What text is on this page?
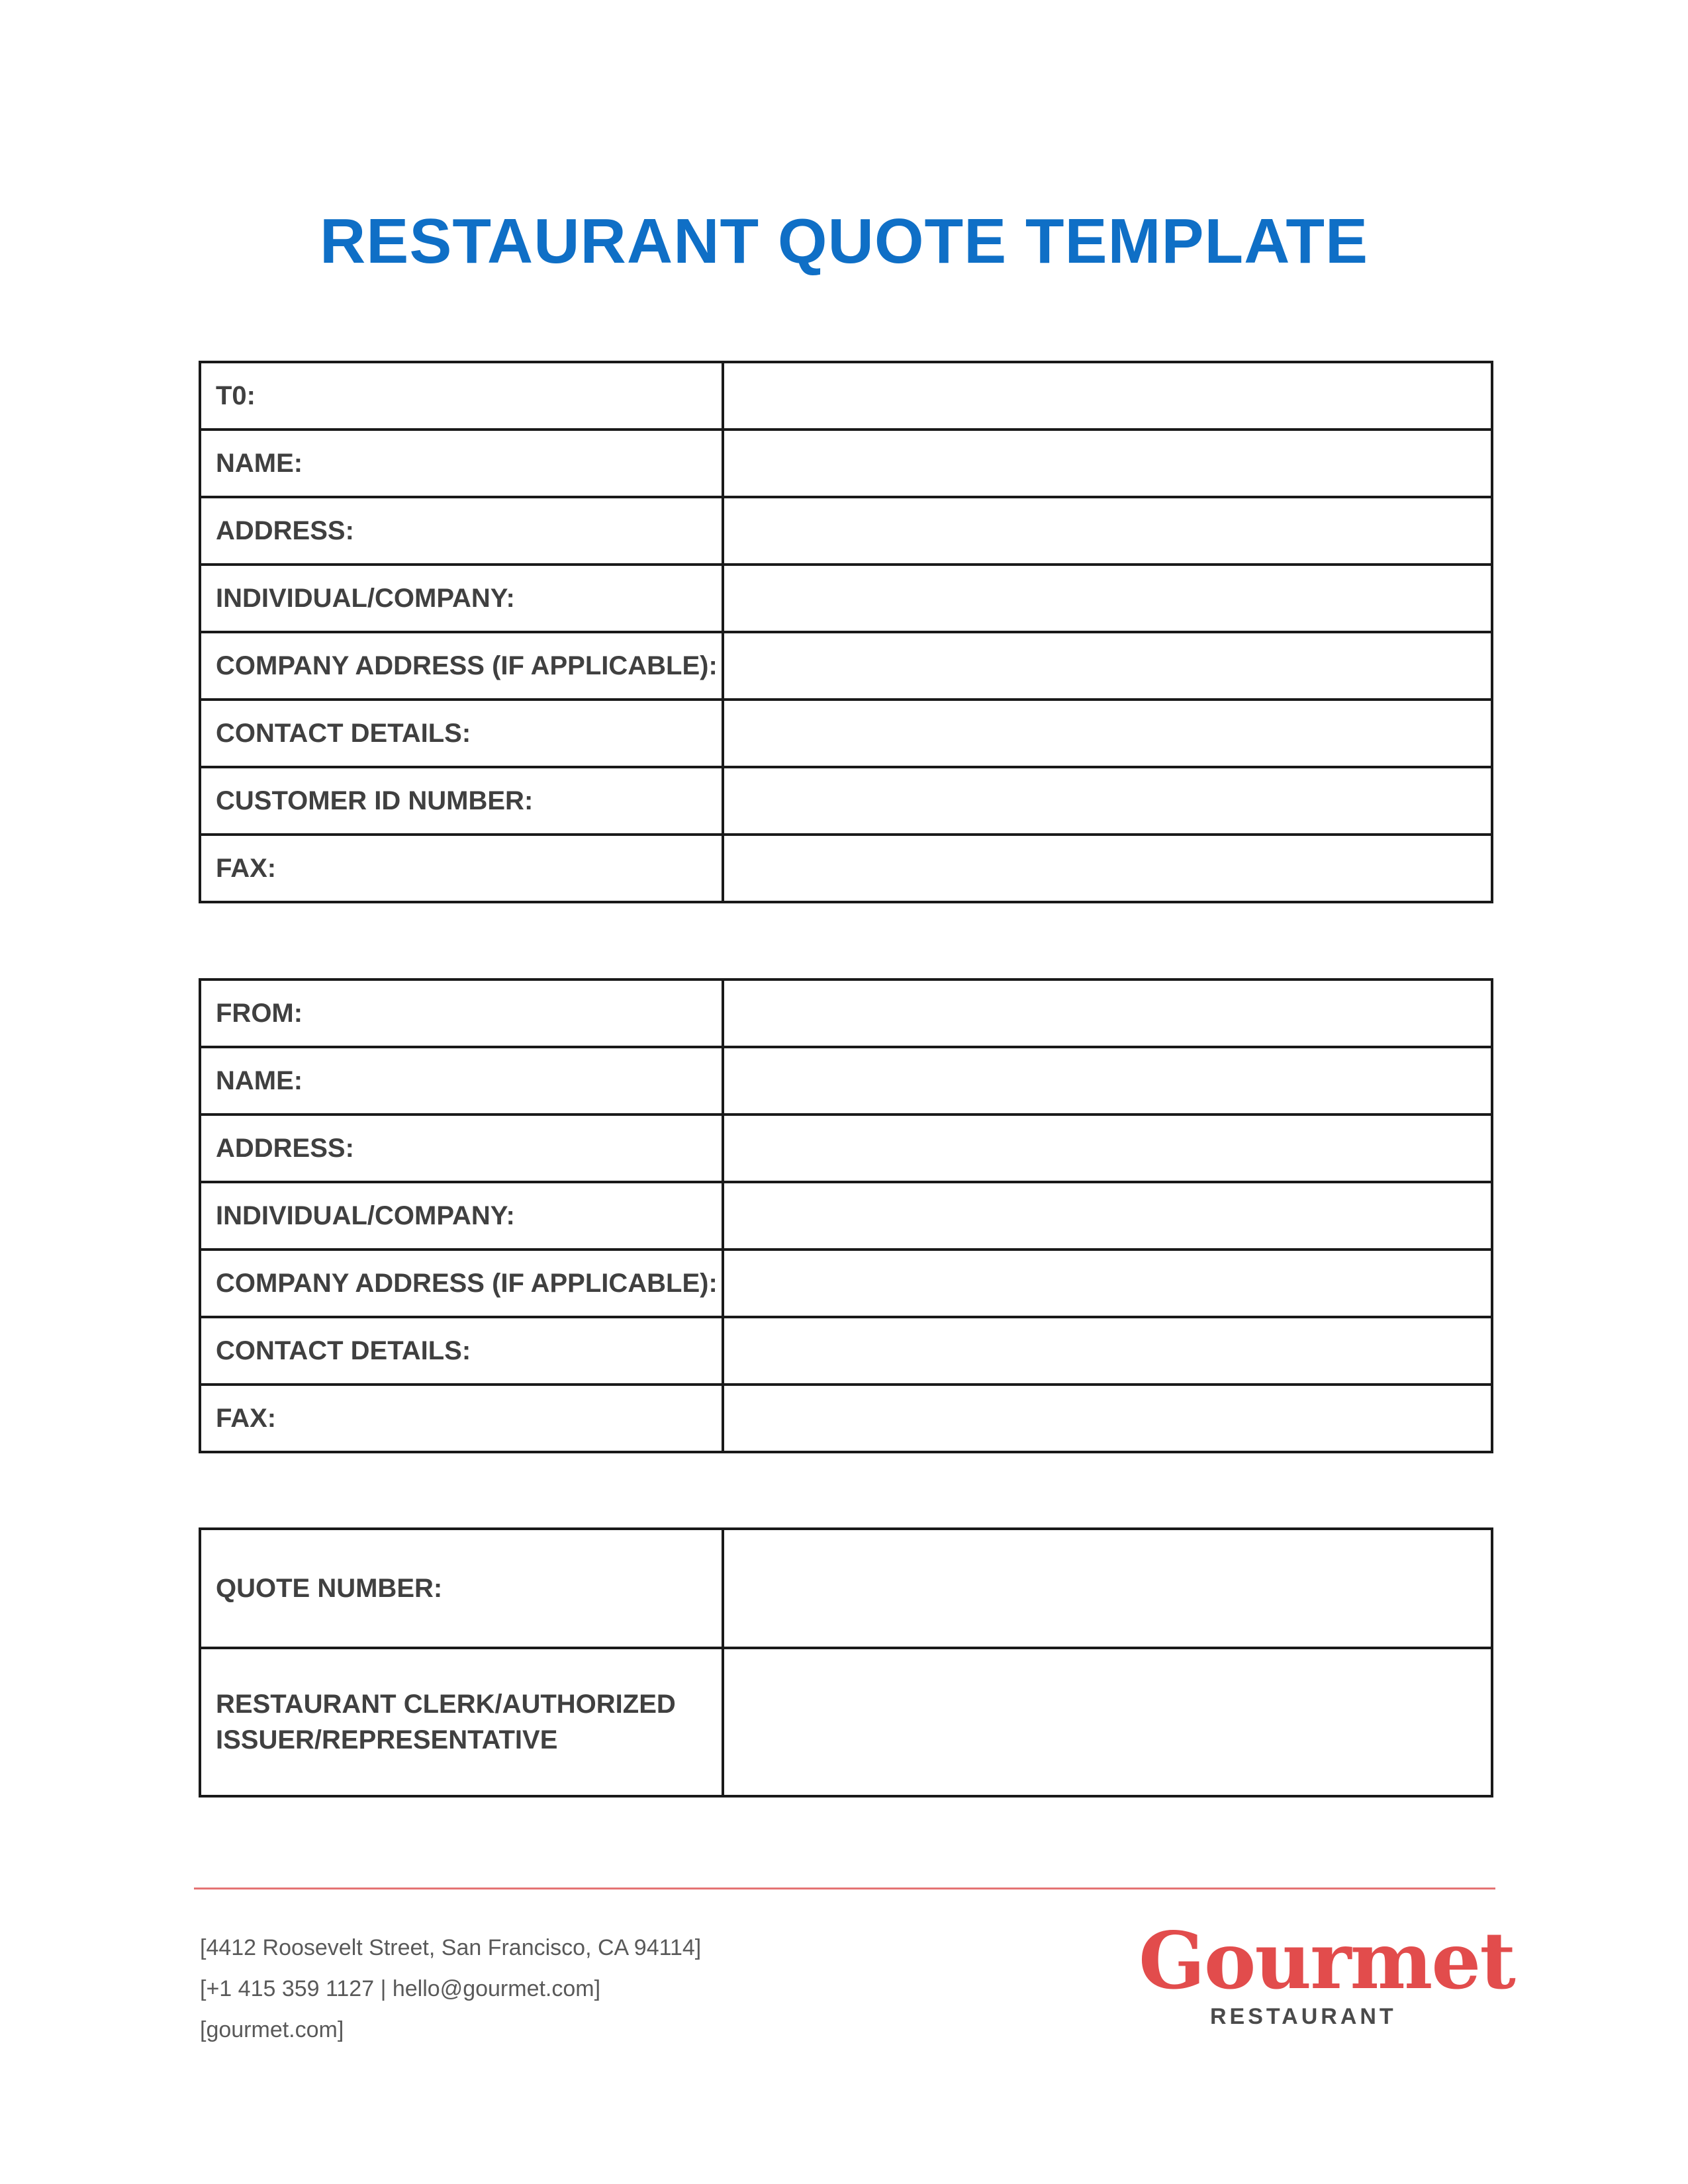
RESTAURANT QUOTE TEMPLATE
T0:	
NAME:	
ADDRESS:	
INDIVIDUAL/COMPANY:	
COMPANY ADDRESS (IF APPLICABLE):	
CONTACT DETAILS:	
CUSTOMER ID NUMBER:	
FAX:	
FROM:	
NAME:	
ADDRESS:	
INDIVIDUAL/COMPANY:	
COMPANY ADDRESS (IF APPLICABLE):	
CONTACT DETAILS:	
FAX:	
QUOTE NUMBER:	

RESTAURANT CLERK/AUTHORIZED
ISSUER/REPRESENTATIVE	

[4412 Roosevelt Street, San Francisco, CA 94114]
[+1 415 359 1127 | hello@gourmet.com]
[gourmet.com]
Gourmet
RESTAURANT
